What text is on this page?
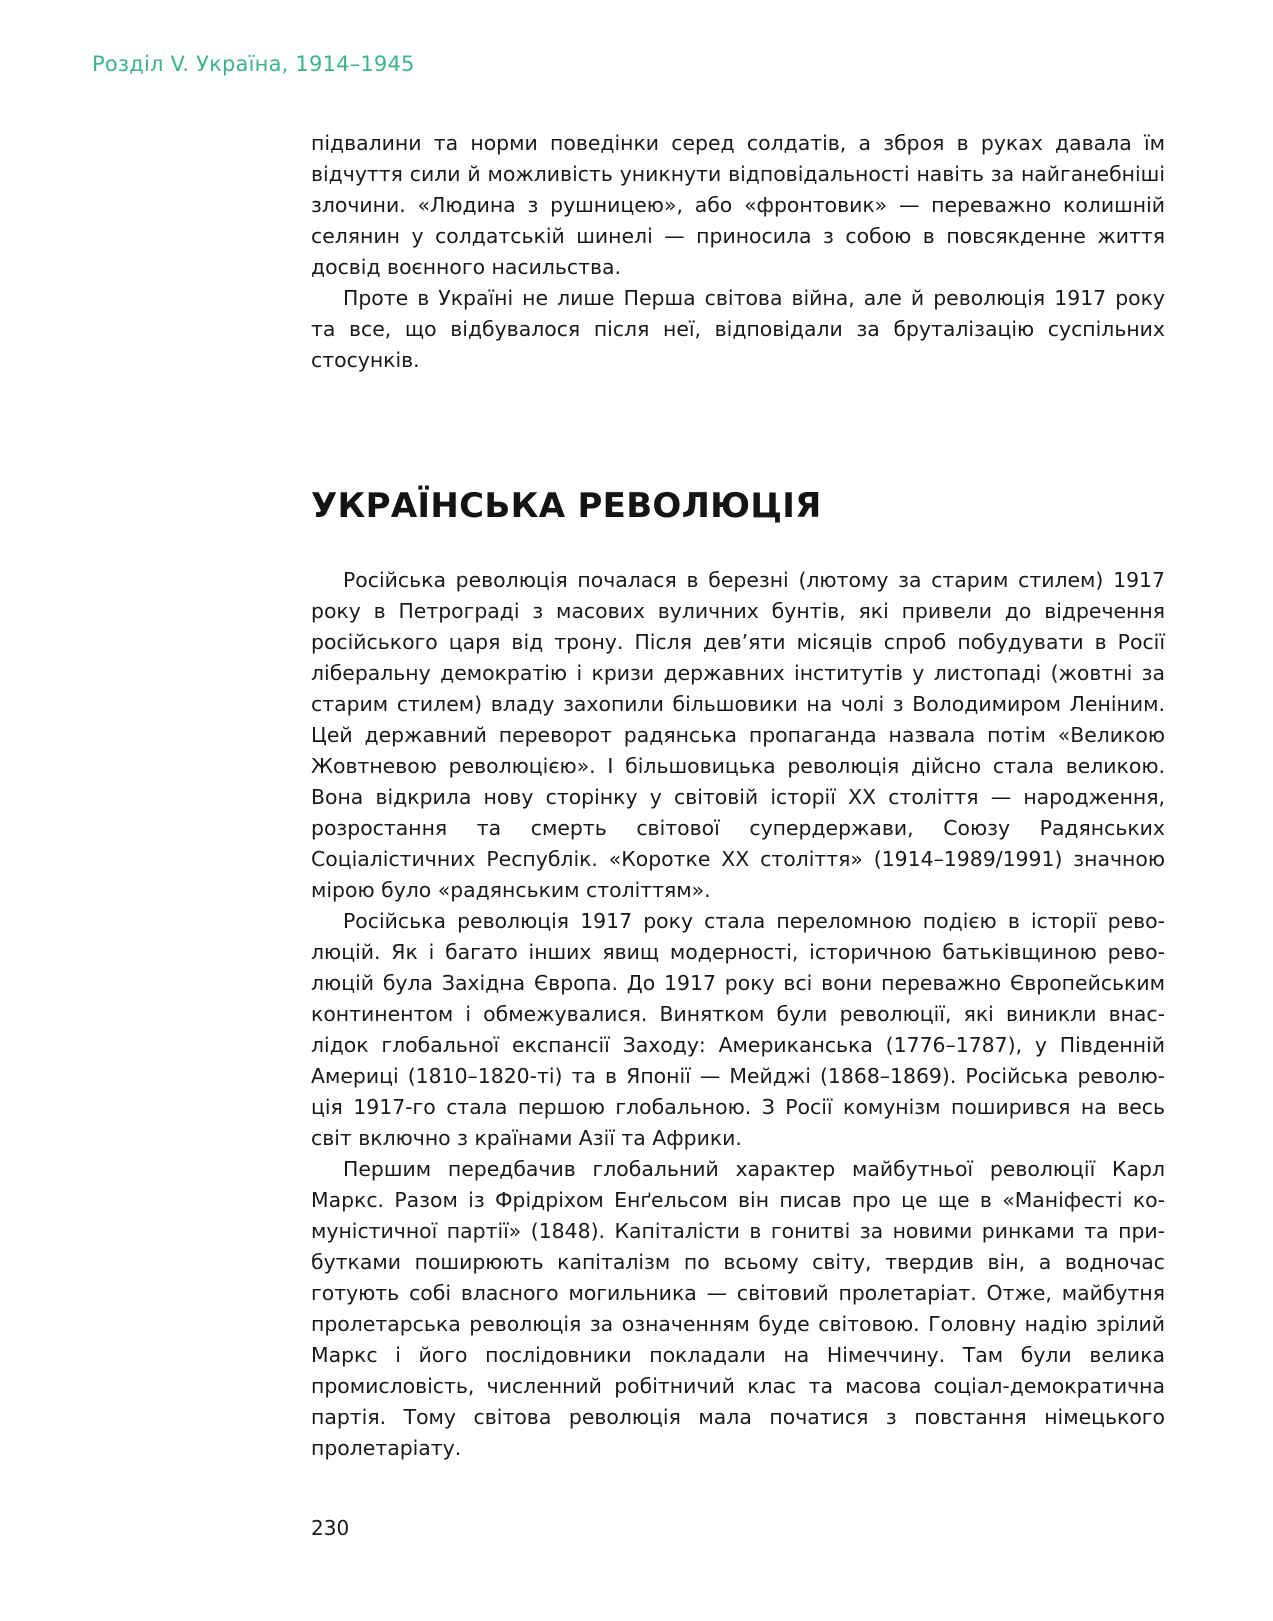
Розділ V. Україна, 1914–1945

підвалини та норми поведінки серед солдатів, а зброя в руках давала їм відчуття сили й можливість уникнути відповідальності навіть за найганебніші злочини. «Людина з рушницею», або «фронтовик» — переважно колишній селянин у солдатській шинелі — приносила з собою в повсякденне життя досвід воєнного насильства.

Проте в Україні не лише Перша світова війна, але й революція 1917 року та все, що відбувалося після неї, відповідали за бруталізацію суспільних стосунків.

УКРАЇНСЬКА РЕВОЛЮЦІЯ

Російська революція почалася в березні (лютому за старим стилем) 1917 року в Петрограді з масових вуличних бунтів, які привели до відречення російського царя від трону. Після дев’яти місяців спроб побудувати в Росії ліберальну демократію і кризи державних інститутів у листопаді (жовтні за старим стилем) владу захопили більшовики на чолі з Володимиром Леніним. Цей державний переворот радянська пропаганда назвала потім «Великою Жовтневою революцією». І більшовицька революція дійсно стала великою. Вона відкрила нову сторінку у світовій історії ХХ століття — народження, розростання та смерть світової супердержави, Союзу Радянських Соціалістичних Республік. «Коротке ХХ століття» (1914–1989/1991) значною мірою було «радянським століттям».

Російська революція 1917 року стала переломною подією в історії революцій. Як і багато інших явищ модерності, історичною батьківщиною революцій була Західна Європа. До 1917 року всі вони переважно Європейським континентом і обмежувалися. Винятком були революції, які виникли внаслідок глобальної експансії Заходу: Американська (1776–1787), у Південній Америці (1810–1820-ті) та в Японії — Мейджі (1868–1869). Російська революція 1917-го стала першою глобальною. З Росії комунізм поширився на весь світ включно з країнами Азії та Африки.

Першим передбачив глобальний характер майбутньої революції Карл Маркс. Разом із Фрідріхом Енґельсом він писав про це ще в «Маніфесті комуністичної партії» (1848). Капіталісти в гонитві за новими ринками та прибутками поширюють капіталізм по всьому світу, твердив він, а водночас готують собі власного могильника — світовий пролетаріат. Отже, майбутня пролетарська революція за означенням буде світовою. Головну надію зрілий Маркс і його послідовники покладали на Німеччину. Там були велика промисловість, численний робітничий клас та масова соціал-демократична партія. Тому світова революція мала початися з повстання німецького пролетаріату.

230
